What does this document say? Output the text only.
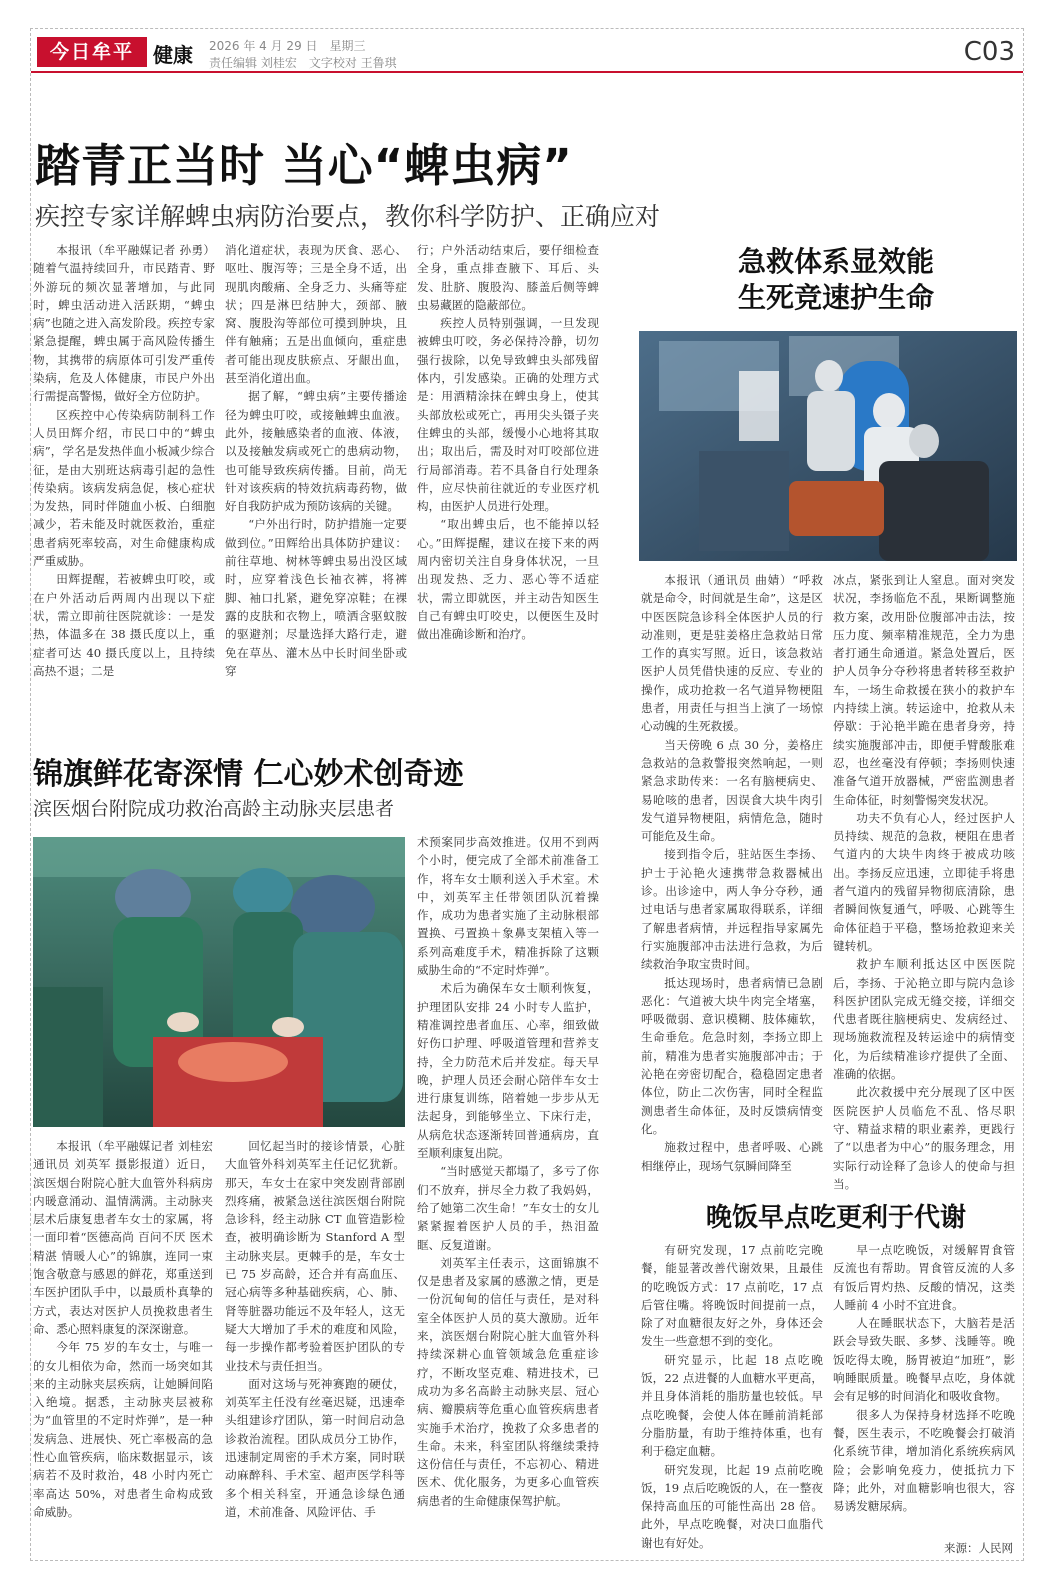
今日牟平 健康 2026 年 4 月 29 日　星期三
责任编辑 刘桂宏　文字校对 王鲁琪	C03
踏青正当时 当心“蜱虫病”
疾控专家详解蜱虫病防治要点，教你科学防护、正确应对

本报讯（牟平融媒记者 孙勇）随着气温持续回升，市民踏青、野外游玩的频次显著增加，与此同时，蜱虫活动进入活跃期，“蜱虫病”也随之进入高发阶段。疾控专家紧急提醒，蜱虫属于高风险传播生物，其携带的病原体可引发严重传染病，危及人体健康，市民户外出行需提高警惕，做好全方位防护。

区疾控中心传染病防制科工作人员田辉介绍，市民口中的“蜱虫病”，学名是发热伴血小板减少综合征，是由大别班达病毒引起的急性传染病。该病发病急促，核心症状为发热，同时伴随血小板、白细胞减少，若未能及时就医救治，重症患者病死率较高，对生命健康构成严重威胁。

田辉提醒，若被蜱虫叮咬，或在户外活动后两周内出现以下症状，需立即前往医院就诊：一是发热，体温多在 38 摄氏度以上，重症者可达 40 摄氏度以上，且持续高热不退；二是

消化道症状，表现为厌食、恶心、呕吐、腹泻等；三是全身不适，出现肌肉酸痛、全身乏力、头痛等症状；四是淋巴结肿大，颈部、腋窝、腹股沟等部位可摸到肿块，且伴有触痛；五是出血倾向，重症患者可能出现皮肤瘀点、牙龈出血，甚至消化道出血。

据了解，“蜱虫病”主要传播途径为蜱虫叮咬，或接触蜱虫血液。此外，接触感染者的血液、体液，以及接触发病或死亡的患病动物，也可能导致疾病传播。目前，尚无针对该疾病的特效抗病毒药物，做好自我防护成为预防该病的关键。

“户外出行时，防护措施一定要做到位。”田辉给出具体防护建议：前往草地、树林等蜱虫易出没区域时，应穿着浅色长袖衣裤，将裤脚、袖口扎紧，避免穿凉鞋；在裸露的皮肤和衣物上，喷洒含驱蚊胺的驱避剂；尽量选择大路行走，避免在草丛、灌木丛中长时间坐卧或穿

行；户外活动结束后，要仔细检查全身，重点排查腋下、耳后、头发、肚脐、腹股沟、膝盖后侧等蜱虫易藏匿的隐蔽部位。

疾控人员特别强调，一旦发现被蜱虫叮咬，务必保持冷静，切勿强行拔除，以免导致蜱虫头部残留体内，引发感染。正确的处理方式是：用酒精涂抹在蜱虫身上，使其头部放松或死亡，再用尖头镊子夹住蜱虫的头部，缓慢小心地将其取出；取出后，需及时对叮咬部位进行局部消毒。若不具备自行处理条件，应尽快前往就近的专业医疗机构，由医护人员进行处理。

“取出蜱虫后，也不能掉以轻心。”田辉提醒，建议在接下来的两周内密切关注自身身体状况，一旦出现发热、乏力、恶心等不适症状，需立即就医，并主动告知医生自己有蜱虫叮咬史，以便医生及时做出准确诊断和治疗。

急救体系显效能
生死竞速护生命

本报讯（通讯员 曲婧）“呼救就是命令，时间就是生命”，这是区中医医院急诊科全体医护人员的行动准则，更是驻姜格庄急救站日常工作的真实写照。近日，该急救站医护人员凭借快速的反应、专业的操作，成功抢救一名气道异物梗阻患者，用责任与担当上演了一场惊心动魄的生死救援。

当天傍晚 6 点 30 分，姜格庄急救站的急救警报突然响起，一则紧急求助传来：一名有脑梗病史、易呛咳的患者，因误食大块牛肉引发气道异物梗阻，病情危急，随时可能危及生命。

接到指令后，驻站医生李扬、护士于沁艳火速携带急救器械出诊。出诊途中，两人争分夺秒，通过电话与患者家属取得联系，详细了解患者病情，并远程指导家属先行实施腹部冲击法进行急救，为后续救治争取宝贵时间。

抵达现场时，患者病情已急剧恶化：气道被大块牛肉完全堵塞，呼吸微弱、意识模糊、肢体瘫软，生命垂危。危急时刻，李扬立即上前，精准为患者实施腹部冲击；于沁艳在旁密切配合，稳稳固定患者体位，防止二次伤害，同时全程监测患者生命体征，及时反馈病情变化。

施救过程中，患者呼吸、心跳相继停止，现场气氛瞬间降至

冰点，紧张到让人窒息。面对突发状况，李扬临危不乱，果断调整施救方案，改用卧位腹部冲击法，按压力度、频率精准规范，全力为患者打通生命通道。紧急处置后，医护人员争分夺秒将患者转移至救护车，一场生命救援在狭小的救护车内持续上演。转运途中，抢救从未停歇：于沁艳半跪在患者身旁，持续实施腹部冲击，即便手臂酸胀难忍，也丝毫没有停顿；李扬则快速准备气道开放器械，严密监测患者生命体征，时刻警惕突发状况。

功夫不负有心人，经过医护人员持续、规范的急救，梗阻在患者气道内的大块牛肉终于被成功咳出。李扬反应迅速，立即徒手将患者气道内的残留异物彻底清除，患者瞬间恢复通气，呼吸、心跳等生命体征趋于平稳，整场抢救迎来关键转机。

救护车顺利抵达区中医医院后，李扬、于沁艳立即与院内急诊科医护团队完成无缝交接，详细交代患者既往脑梗病史、发病经过、现场施救流程及转运途中的病情变化，为后续精准诊疗提供了全面、准确的依据。

此次救援中充分展现了区中医医院医护人员临危不乱、恪尽职守、精益求精的职业素养，更践行了“以患者为中心”的服务理念，用实际行动诠释了急诊人的使命与担当。

锦旗鲜花寄深情 仁心妙术创奇迹
滨医烟台附院成功救治高龄主动脉夹层患者

本报讯（牟平融媒记者 刘桂宏 通讯员 刘英军 摄影报道）近日，滨医烟台附院心脏大血管外科病房内暖意涌动、温情满满。主动脉夹层术后康复患者车女士的家属，将一面印着“医德高尚 百问不厌 医术精湛 情暖人心”的锦旗，连同一束饱含敬意与感恩的鲜花，郑重送到车医护团队手中，以最质朴真挚的方式，表达对医护人员挽救患者生命、悉心照料康复的深深谢意。

今年 75 岁的车女士，与唯一的女儿相依为命，然而一场突如其来的主动脉夹层疾病，让她瞬间陷入绝境。据悉，主动脉夹层被称为“血管里的不定时炸弹”，是一种发病急、进展快、死亡率极高的急性心血管疾病，临床数据显示，该病若不及时救治，48 小时内死亡率高达 50%，对患者生命构成致命威胁。

回忆起当时的接诊情景，心脏大血管外科刘英军主任记忆犹新。那天，车女士在家中突发剧背部剧烈疼痛，被紧急送往滨医烟台附院急诊科，经主动脉 CT 血管造影检查，被明确诊断为 Stanford A 型主动脉夹层。更棘手的是，车女士已 75 岁高龄，还合并有高血压、冠心病等多种基础疾病，心、肺、肾等脏器功能远不及年轻人，这无疑大大增加了手术的难度和风险，每一步操作都考验着医护团队的专业技术与责任担当。

面对这场与死神赛跑的硬仗，刘英军主任没有丝毫迟疑，迅速牵头组建诊疗团队，第一时间启动急诊救治流程。团队成员分工协作，迅速制定周密的手术方案，同时联动麻醉科、手术室、超声医学科等多个相关科室，开通急诊绿色通道，术前准备、风险评估、手

术预案同步高效推进。仅用不到两个小时，便完成了全部术前准备工作，将车女士顺利送入手术室。术中，刘英军主任带领团队沉着操作，成功为患者实施了主动脉根部置换、弓置换＋象鼻支架植入等一系列高难度手术，精准拆除了这颗威胁生命的“不定时炸弹”。

术后为确保车女士顺利恢复，护理团队安排 24 小时专人监护，精准调控患者血压、心率，细致做好伤口护理、呼吸道管理和营养支持，全力防范术后并发症。每天早晚，护理人员还会耐心陪伴车女士进行康复训练，陪着她一步步从无法起身，到能够坐立、下床行走，从病危状态逐渐转回普通病房，直至顺利康复出院。

“当时感觉天都塌了，多亏了你们不放弃，拼尽全力救了我妈妈，给了她第二次生命！”车女士的女儿紧紧握着医护人员的手，热泪盈眶、反复道谢。

刘英军主任表示，这面锦旗不仅是患者及家属的感激之情，更是一份沉甸甸的信任与责任，是对科室全体医护人员的莫大激励。近年来，滨医烟台附院心脏大血管外科持续深耕心血管领域急危重症诊疗，不断攻坚克难、精进技术，已成功为多名高龄主动脉夹层、冠心病、瓣膜病等危重心血管疾病患者实施手术治疗，挽救了众多患者的生命。未来，科室团队将继续秉持这份信任与责任，不忘初心、精进医术、优化服务，为更多心血管疾病患者的生命健康保驾护航。

晚饭早点吃更利于代谢

有研究发现，17 点前吃完晚餐，能显著改善代谢效果，且最佳的吃晚饭方式：17 点前吃，17 点后管住嘴。将晚饭时间提前一点，除了对血糖很友好之外，身体还会发生一些意想不到的变化。

研究显示，比起 18 点吃晚饭，22 点进餐的人血糖水平更高，并且身体消耗的脂肪量也较低。早点吃晚餐，会使人体在睡前消耗部分脂肪量，有助于维持体重，也有利于稳定血糖。

研究发现，比起 19 点前吃晚饭，19 点后吃晚饭的人，在一整夜保持高血压的可能性高出 28 倍。此外，早点吃晚餐，对决口血脂代谢也有好处。

早一点吃晚饭，对缓解胃食管反流也有帮助。胃食管反流的人多有饭后胃灼热、反酸的情况，这类人睡前 4 小时不宜进食。

人在睡眠状态下，大脑若是活跃会导致失眠、多梦、浅睡等。晚饭吃得太晚，肠胃被迫“加班”，影响睡眠质量。晚餐早点吃，身体就会有足够的时间消化和吸收食物。

很多人为保持身材选择不吃晚餐，医生表示，不吃晚餐会打破消化系统节律，增加消化系统疾病风险；会影响免疫力，使抵抗力下降；此外，对血糖影响也很大，容易诱发糖尿病。

来源：人民网
